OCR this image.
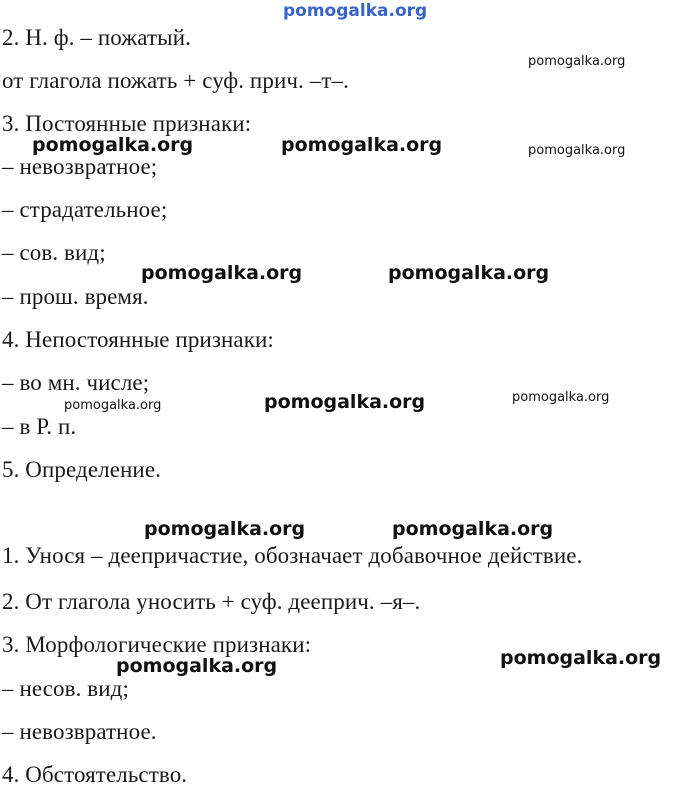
2. Н. ф. – пожатый.
от глагола пожать + суф. прич. –т–.
3. Постоянные признаки:
– невозвратное;
– страдательное;
– сов. вид;
– прош. время.
4. Непостоянные признаки:
– во мн. числе;
– в Р. п.
5. Определение.
1. Унося – деепричастие, обозначает добавочное действие.
2. От глагола уносить + суф. дееприч. –я–.
3. Морфологические признаки:
– несов. вид;
– невозвратное.
4. Обстоятельство.
pomogalka.org
pomogalka.org
pomogalka.org	pomogalka.org	pomogalka.org
pomogalka.org	pomogalka.org
pomogalka.org	pomogalka.org	pomogalka.org
pomogalka.org	pomogalka.org
pomogalka.org	pomogalka.org
